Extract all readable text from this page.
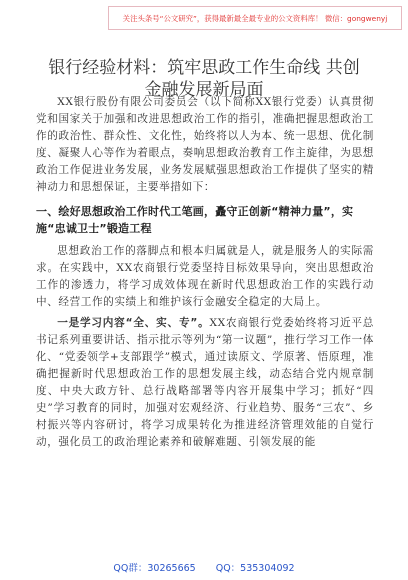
关注头条号“公文研究”，获得最新最全最专业的公文资料库！ 微信：gongwenyj
银行经验材料：筑牢思政工作生命线 共创金融发展新局面

XX银行股份有限公司委员会（以下简称XX银行党委）认真贯彻党和国家关于加强和改进思想政治工作的指引，准确把握思想政治工作的政治性、群众性、文化性，始终将以人为本、统一思想、优化制度、凝聚人心等作为着眼点，奏响思想政治教育工作主旋律，为思想政治工作促进业务发展，业务发展赋强思想政治工作提供了坚实的精神动力和思想保证，主要举措如下：

一、绘好思想政治工作时代工笔画，矗守正创新“精神力量”，实施“忠诚卫士”锻造工程

思想政治工作的落脚点和根本归属就是人，就是服务人的实际需求。在实践中，XX农商银行党委坚持目标效果导向，突出思想政治工作的渗透力，将学习成效体现在新时代思想政治工作的实践行动中、经营工作的实绩上和维护该行金融安全稳定的大局上。

一是学习内容“全、实、专”。XX农商银行党委始终将习近平总书记系列重要讲话、指示批示等列为“第一议题”，推行学习工作一体化、“党委领学+支部跟学”模式，通过读原文、学原著、悟原理，准确把握新时代思想政治工作的思想发展主线，动态结合党内规章制度、中央大政方针、总行战略部署等内容开展集中学习；抓好“四史”学习教育的同时，加强对宏观经济、行业趋势、服务“三农”、乡村振兴等内容研讨，将学习成果转化为推进经济管理效能的自觉行动，强化员工的政治理论素养和破解难题、引领发展的能

QQ群：30265665 QQ：535304092
